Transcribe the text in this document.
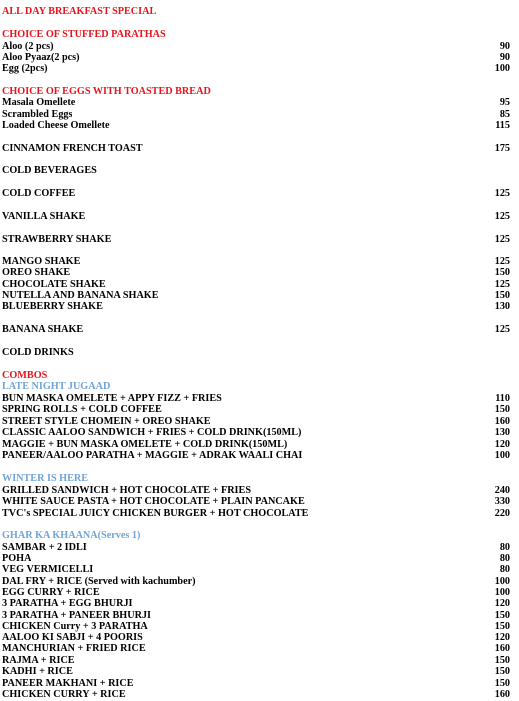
ALL DAY BREAKFAST SPECIAL
CHOICE OF STUFFED PARATHAS
Aloo (2 pcs)	90
Aloo Pyaaz(2 pcs)	90
Egg (2pcs)	100
CHOICE OF EGGS WITH TOASTED BREAD
Masala Omellete	95
Scrambled Eggs	85
Loaded Cheese Omellete	115
CINNAMON FRENCH TOAST	175
COLD BEVERAGES
COLD COFFEE	125
VANILLA SHAKE	125
STRAWBERRY SHAKE	125
MANGO SHAKE	125
OREO SHAKE	150
CHOCOLATE SHAKE	125
NUTELLA AND BANANA SHAKE	150
BLUEBERRY SHAKE	130
BANANA SHAKE	125
COLD DRINKS
COMBOS
LATE NIGHT JUGAAD
BUN MASKA OMELETE + APPY FIZZ + FRIES	110
SPRING ROLLS + COLD COFFEE	150
STREET STYLE CHOMEIN + OREO SHAKE	160
CLASSIC AALOO SANDWICH + FRIES + COLD DRINK(150ML)	130
MAGGIE + BUN MASKA OMELETE + COLD DRINK(150ML)	120
PANEER/AALOO PARATHA + MAGGIE + ADRAK WAALI CHAI	100
WINTER IS HERE
GRILLED SANDWICH + HOT CHOCOLATE + FRIES	240
WHITE SAUCE PASTA + HOT CHOCOLATE + PLAIN PANCAKE	330
TVC's SPECIAL JUICY CHICKEN BURGER + HOT CHOCOLATE	220
GHAR KA KHAANA(Serves 1)
SAMBAR + 2 IDLI	80
POHA	80
VEG VERMICELLI	80
DAL FRY + RICE (Served with kachumber)	100
EGG CURRY + RICE	100
3 PARATHA + EGG BHURJI	120
3 PARATHA + PANEER BHURJI	150
CHICKEN Curry + 3 PARATHA	150
AALOO KI SABJI + 4 POORIS	120
MANCHURIAN + FRIED RICE	160
RAJMA + RICE	150
KADHI + RICE	150
PANEER MAKHANI + RICE	150
CHICKEN CURRY + RICE	160
